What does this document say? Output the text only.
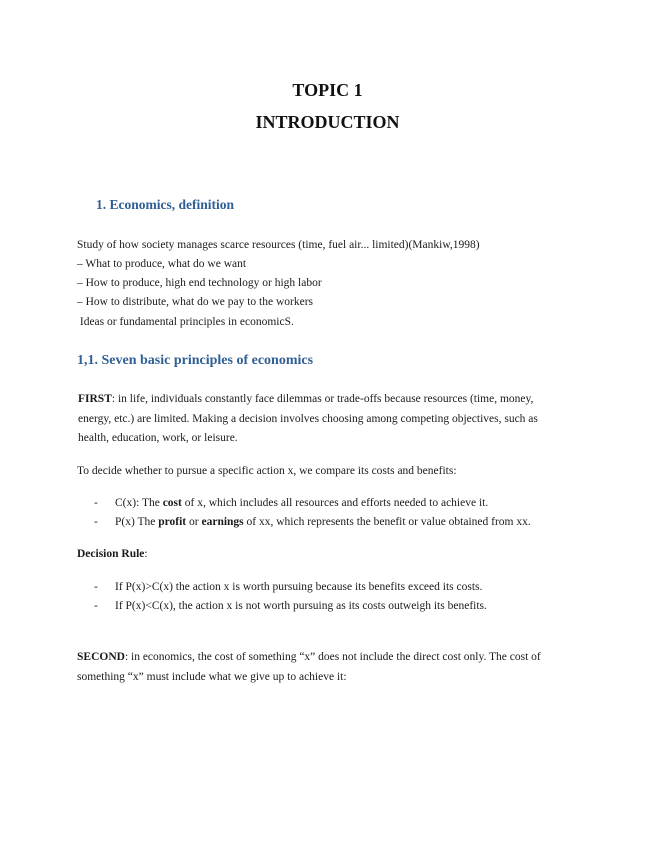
TOPIC 1
INTRODUCTION
1. Economics, definition
Study of how society manages scarce resources (time, fuel air... limited)(Mankiw,1998)
– What to produce, what do we want
– How to produce, high end technology or high labor
– How to distribute, what do we pay to the workers
Ideas or fundamental principles in economicS.
1,1. Seven basic principles of economics
FIRST: in life, individuals constantly face dilemmas or trade-offs because resources (time, money, energy, etc.) are limited. Making a decision involves choosing among competing objectives, such as health, education, work, or leisure.
To decide whether to pursue a specific action x, we compare its costs and benefits:
- C(x): The cost of x, which includes all resources and efforts needed to achieve it.
- P(x) The profit or earnings of xx, which represents the benefit or value obtained from xx.
Decision Rule:
- If P(x)>C(x) the action x is worth pursuing because its benefits exceed its costs.
- If P(x)<C(x), the action x is not worth pursuing as its costs outweigh its benefits.
SECOND: in economics, the cost of something “x” does not include the direct cost only. The cost of something “x” must include what we give up to achieve it:
